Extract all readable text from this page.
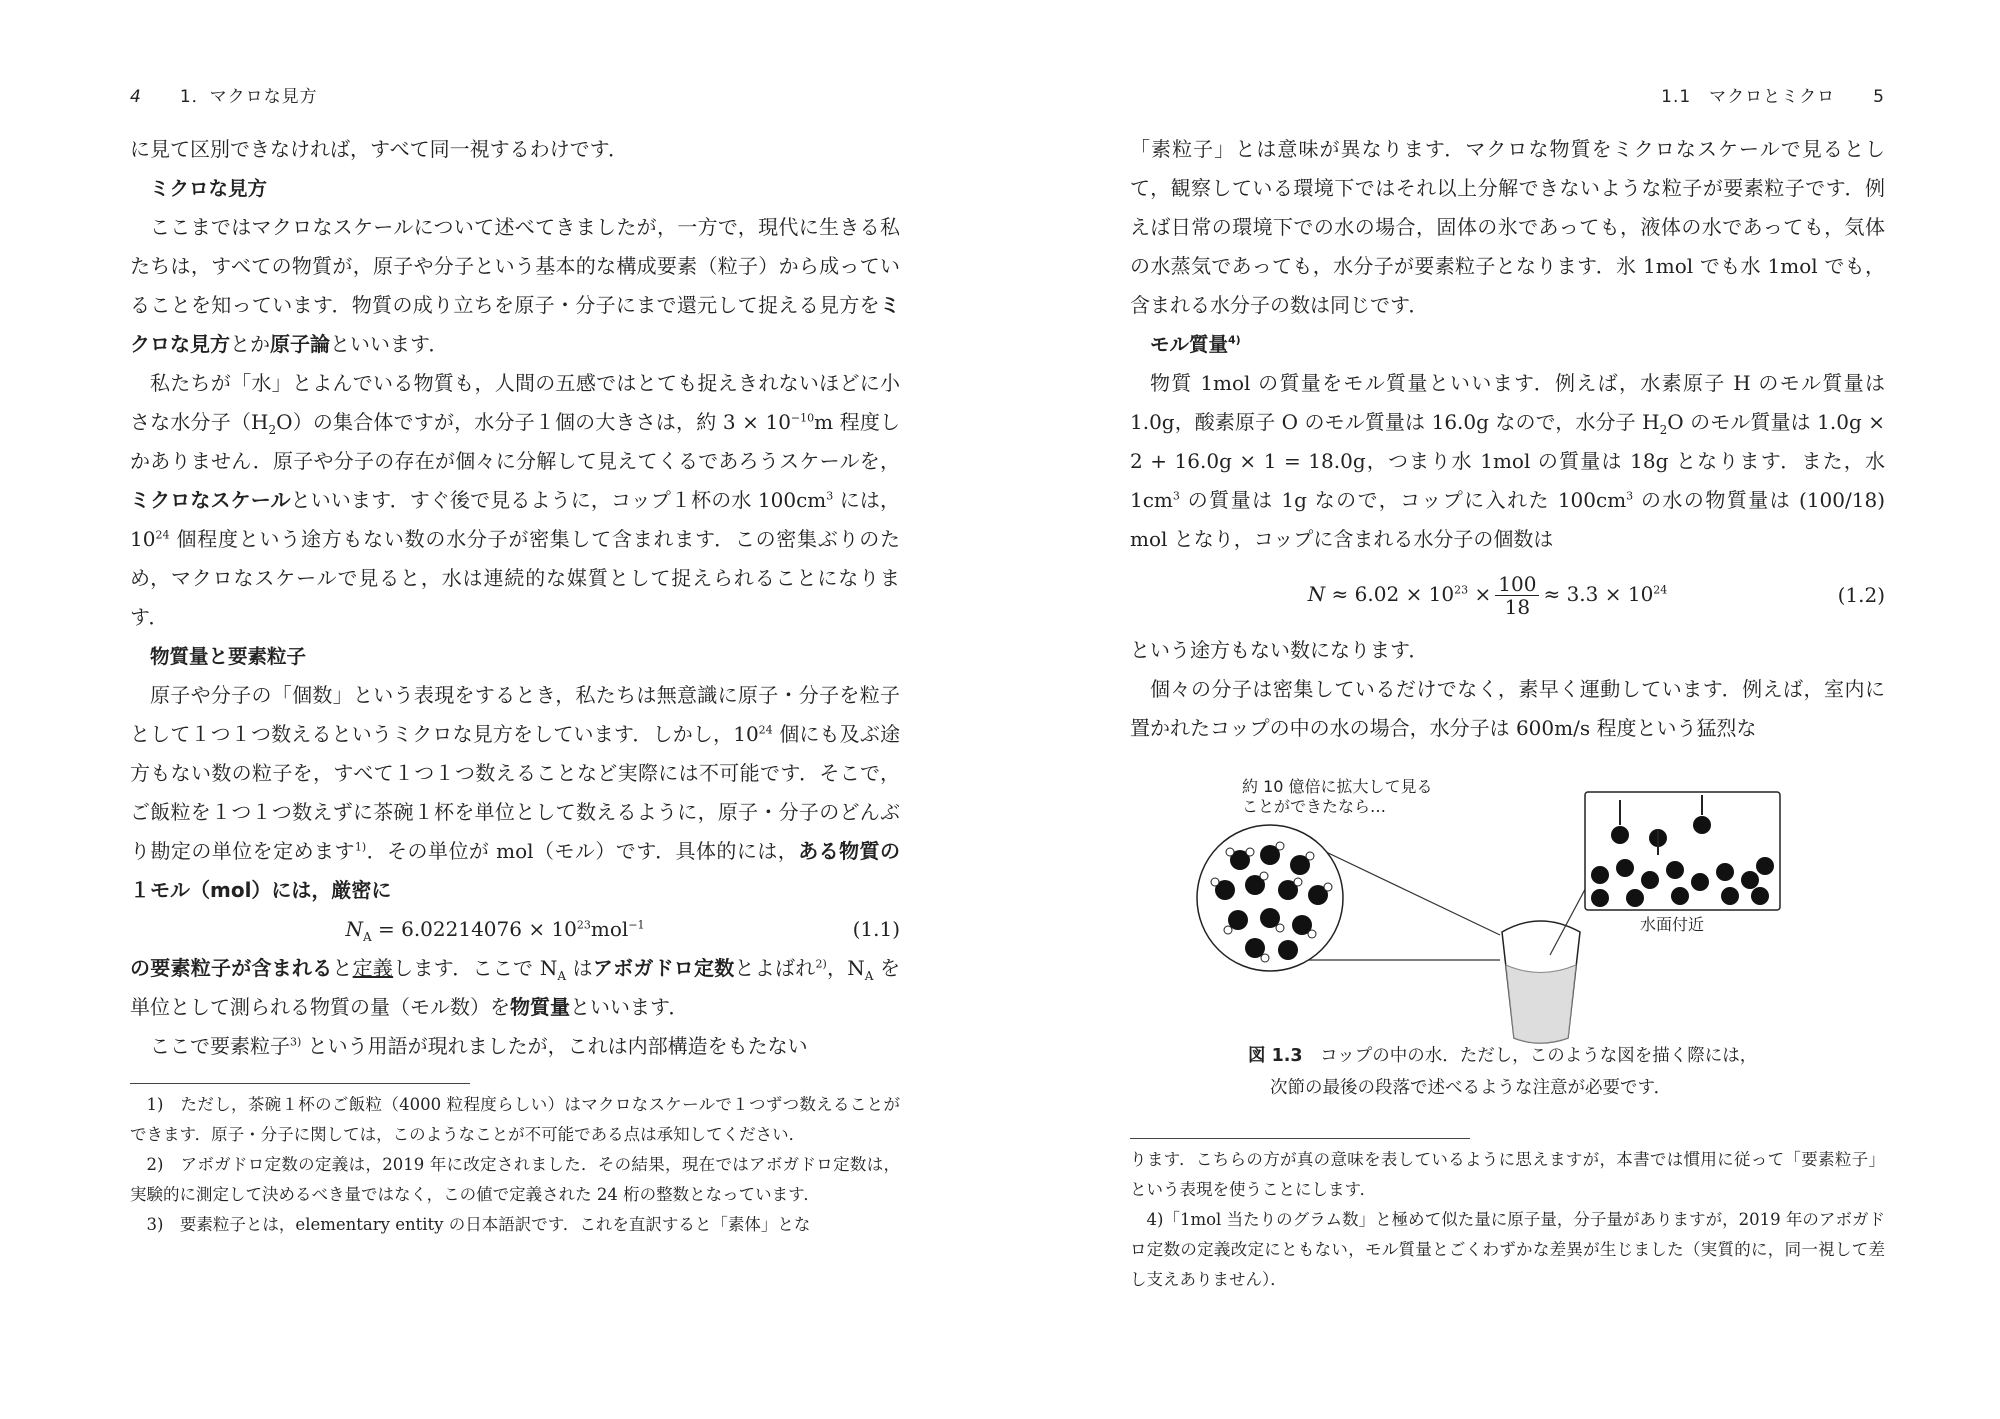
4 1．マクロな見方

に見て区別できなければ，すべて同一視するわけです．

ミクロな見方

ここまではマクロなスケールについて述べてきましたが，一方で，現代に生きる私たちは，すべての物質が，原子や分子という基本的な構成要素（粒子）から成っていることを知っています．物質の成り立ちを原子・分子にまで還元して捉える見方をミクロな見方とか原子論といいます．

私たちが「水」とよんでいる物質も，人間の五感ではとても捉えきれないほどに小さな水分子$(H_2O)$の集合体ですが，水分子１個の大きさは，約 $3 \times 10^{-10}m$ 程度しかありません．原子や分子の存在が個々に分解して見えてくるであろうスケールを，ミクロなスケールといいます．すぐ後で見るように，コップ１杯の水 $100cm^3$ には，$10^{24}$ 個程度という途方もない数の水分子が密集して含まれます．この密集ぶりのため，マクロなスケールで見ると，水は連続的な媒質として捉えられることになります．

物質量と要素粒子

原子や分子の「個数」という表現をするとき，私たちは無意識に原子・分子を粒子として１つ１つ数えるというミクロな見方をしています．しかし，$10^{24}$ 個にも及ぶ途方もない数の粒子を，すべて１つ１つ数えることなど実際には不可能です．そこで，ご飯粒を１つ１つ数えずに茶碗１杯を単位として数えるように，原子・分子のどんぶり勘定の単位を定めます$^{1)}$．その単位が mol（モル）です．具体的には，ある物質の１モル（mol）には，厳密に

$N_A = 6.02214076 \times 10^{23}mol^{-1}$	(1.1)

の要素粒子が含まれると定義します．ここで $N_A$ はアボガドロ定数とよばれ$^{2)}$，$N_A$ を単位として測られる物質の量（モル数）を物質量といいます．

ここで要素粒子$^{3)}$ という用語が現れましたが，これは内部構造をもたない

1)　ただし，茶碗１杯のご飯粒（4000 粒程度らしい）はマクロなスケールで１つずつ数えることができます．原子・分子に関しては，このようなことが不可能である点は承知してください．

2)　アボガドロ定数の定義は，2019 年に改定されました．その結果，現在ではアボガドロ定数は，実験的に測定して決めるべき量ではなく，この値で定義された 24 桁の整数となっています．

3)　要素粒子とは，elementary entity の日本語訳です．これを直訳すると「素体」とな

1.1　マクロとミクロ 5

「素粒子」とは意味が異なります．マクロな物質をミクロなスケールで見るとして，観察している環境下ではそれ以上分解できないような粒子が要素粒子です．例えば日常の環境下での水の場合，固体の氷であっても，液体の水であっても，気体の水蒸気であっても，水分子が要素粒子となります．氷 1mol でも水 1mol でも，含まれる水分子の数は同じです．

モル質量$^{4)}$

物質 1mol の質量をモル質量といいます．例えば，水素原子 H のモル質量は 1.0g，酸素原子 O のモル質量は 16.0g なので，水分子 $H_2O$ のモル質量は 1.0g × 2 + 16.0g × 1 = 18.0g，つまり水 1mol の質量は 18g となります．また，水 $1cm^3$ の質量は 1g なので，コップに入れた $100cm^3$ の水の物質量は (100/18) mol となり，コップに含まれる水分子の個数は

$N \approx 6.02 \times 10^{23} \times \frac{100}{18} \approx 3.3 \times 10^{24}$	(1.2)

という途方もない数になります．

個々の分子は密集しているだけでなく，素早く運動しています．例えば，室内に置かれたコップの中の水の場合，水分子は 600m/s 程度という猛烈な

約 10 億倍に拡大して見る
ことができたなら…
水面付近
図 1.3　コップの中の水．ただし，このような図を描く際には，
次節の最後の段落で述べるような注意が必要です．

ります．こちらの方が真の意味を表しているように思えますが，本書では慣用に従って「要素粒子」という表現を使うことにします．

4)「1mol 当たりのグラム数」と極めて似た量に原子量，分子量がありますが，2019 年のアボガドロ定数の定義改定にともない，モル質量とごくわずかな差異が生じました（実質的に，同一視して差し支えありません）．
